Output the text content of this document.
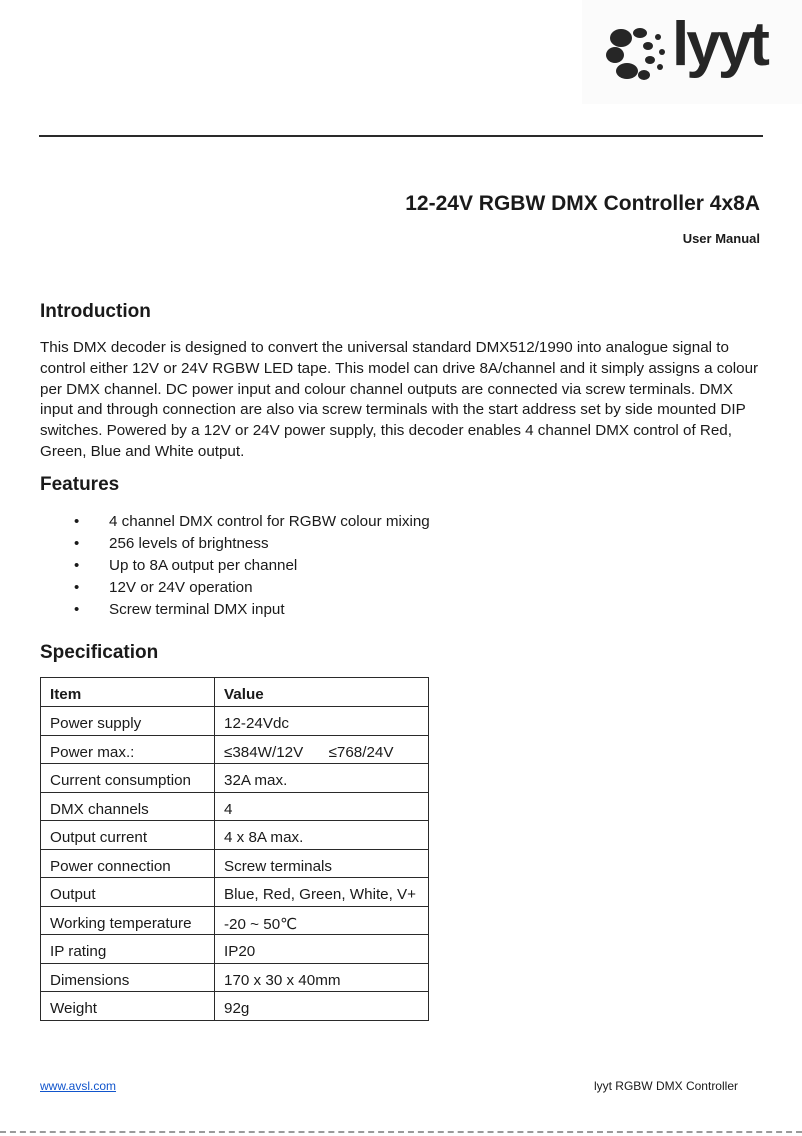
lyyt
12-24V RGBW DMX Controller 4x8A

User Manual

Introduction

This DMX decoder is designed to convert the universal standard DMX512/1990 into analogue signal to control either 12V or 24V RGBW LED tape. This model can drive 8A/channel and it simply assigns a colour per DMX channel. DC power input and colour channel outputs are connected via screw terminals. DMX input and through connection are also via screw terminals with the start address set by side mounted DIP switches. Powered by a 12V or 24V power supply, this decoder enables 4 channel DMX control of Red, Green, Blue and White output.

Features
• 4 channel DMX control for RGBW colour mixing
• 256 levels of brightness
• Up to 8A output per channel
• 12V or 24V operation
• Screw terminal DMX input
Specification
Item	Value
Power supply	12-24Vdc
Power max.:	≤384W/12V      ≤768/24V
Current consumption	32A max.
DMX channels	4
Output current	4 x 8A max.
Power connection	Screw terminals
Output	Blue, Red, Green, White, V+
Working temperature	-20 ~ 50℃
IP rating	IP20
Dimensions	170 x 30 x 40mm
Weight	92g
www.avsl.com	lyyt RGBW DMX Controller
